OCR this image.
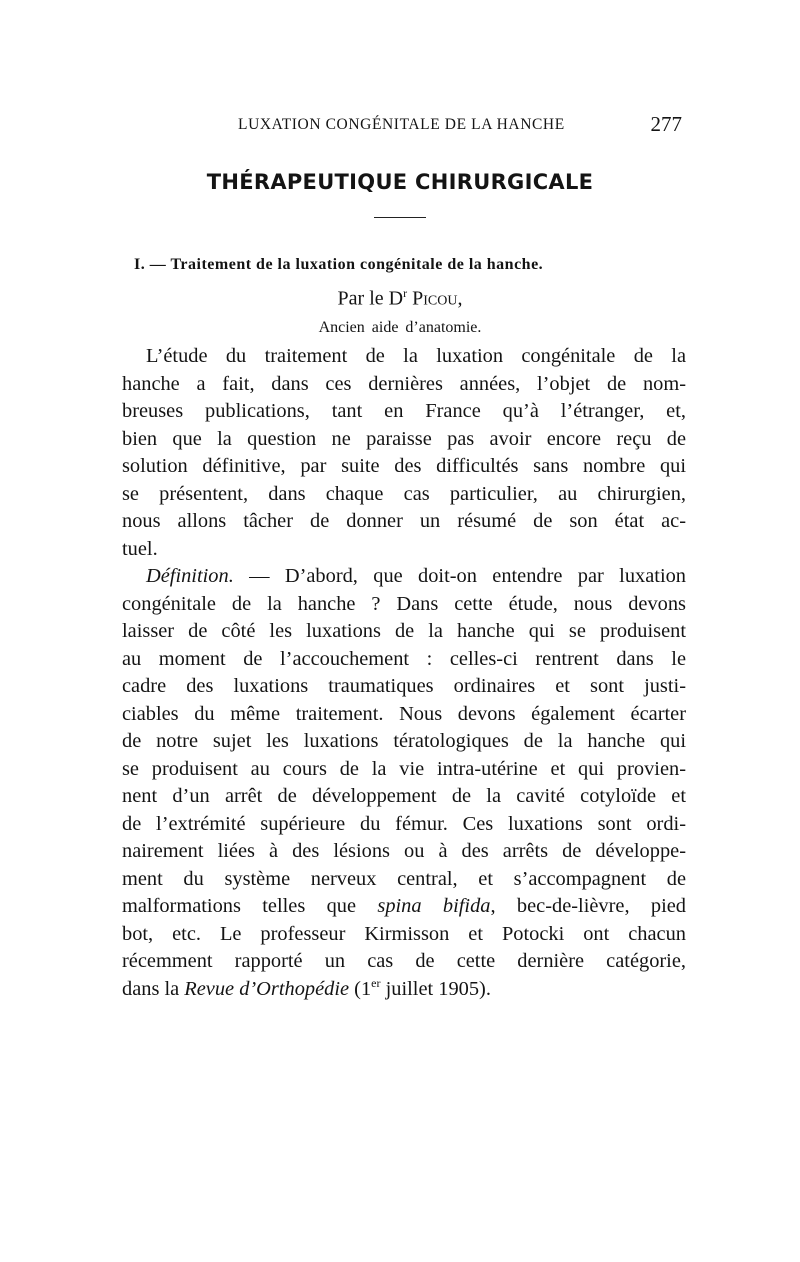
LUXATION CONGÉNITALE DE LA HANCHE	277
THÉRAPEUTIQUE CHIRURGICALE
I. — Traitement de la luxation congénitale de la hanche.
Par le $D^r$ Picou,
Ancien aide d’anatomie.
L’étude du traitement de la luxation congénitale de la
hanche a fait, dans ces dernières années, l’objet de nom-
breuses publications, tant en France qu’à l’étranger, et,
bien que la question ne paraisse pas avoir encore reçu de
solution définitive, par suite des difficultés sans nombre qui
se présentent, dans chaque cas particulier, au chirurgien,
nous allons tâcher de donner un résumé de son état ac-
tuel.
Définition. — D’abord, que doit-on entendre par luxation
congénitale de la hanche ? Dans cette étude, nous devons
laisser de côté les luxations de la hanche qui se produisent
au moment de l’accouchement : celles-ci rentrent dans le
cadre des luxations traumatiques ordinaires et sont justi-
ciables du même traitement. Nous devons également écarter
de notre sujet les luxations tératologiques de la hanche qui
se produisent au cours de la vie intra-utérine et qui provien-
nent d’un arrêt de développement de la cavité cotyloïde et
de l’extrémité supérieure du fémur. Ces luxations sont ordi-
nairement liées à des lésions ou à des arrêts de développe-
ment du système nerveux central, et s’accompagnent de
malformations telles que spina bifida, bec-de-lièvre, pied
bot, etc. Le professeur Kirmisson et Potocki ont chacun
récemment rapporté un cas de cette dernière catégorie,
dans la Revue d’Orthopédie (1er juillet 1905).
